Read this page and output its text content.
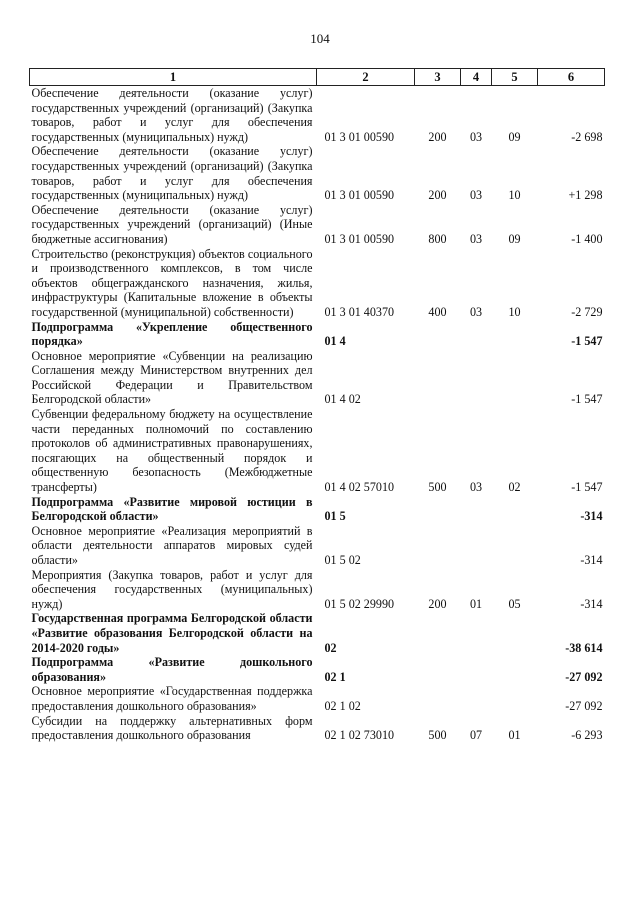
104
1	2	3	4	5	6
Обеспечение деятельности (оказание услуг) государственных учреждений (организаций) (Закупка товаров, работ и услуг для обеспечения государственных (муниципальных) нужд)	01 3 01 00590	200	03	09	-2 698
Обеспечение деятельности (оказание услуг) государственных учреждений (организаций) (Закупка товаров, работ и услуг для обеспечения государственных (муниципальных) нужд)	01 3 01 00590	200	03	10	+1 298
Обеспечение деятельности (оказание услуг) государственных учреждений (организаций) (Иные бюджетные ассигнования)	01 3 01 00590	800	03	09	-1 400
Строительство (реконструкция) объектов социального и производственного комплексов, в том числе объектов общегражданского назначения, жилья, инфраструктуры (Капитальные вложение в объекты государственной (муниципальной) собственности)	01 3 01 40370	400	03	10	-2 729
Подпрограмма «Укрепление общественного порядка»	01 4				-1 547
Основное мероприятие «Субвенции на реализацию Соглашения между Министерством внутренних дел Российской Федерации и Правительством Белгородской области»	01 4 02				-1 547
Субвенции федеральному бюджету на осуществление части переданных полномочий по составлению протоколов об административных правонарушениях, посягающих на общественный порядок и общественную безопасность (Межбюджетные трансферты)	01 4 02 57010	500	03	02	-1 547
Подпрограмма «Развитие мировой юстиции в Белгородской области»	01 5				-314
Основное мероприятие «Реализация мероприятий в области деятельности аппаратов мировых судей области»	01 5 02				-314
Мероприятия (Закупка товаров, работ и услуг для обеспечения государственных (муниципальных) нужд)	01 5 02 29990	200	01	05	-314
Государственная программа Белгородской области «Развитие образования Белгородской области на 2014-2020 годы»	02				-38 614
Подпрограмма «Развитие дошкольного образования»	02 1				-27 092
Основное мероприятие «Государственная поддержка предоставления дошкольного образования»	02 1 02				-27 092
Субсидии на поддержку альтернативных форм предоставления дошкольного образования	02 1 02 73010	500	07	01	-6 293
